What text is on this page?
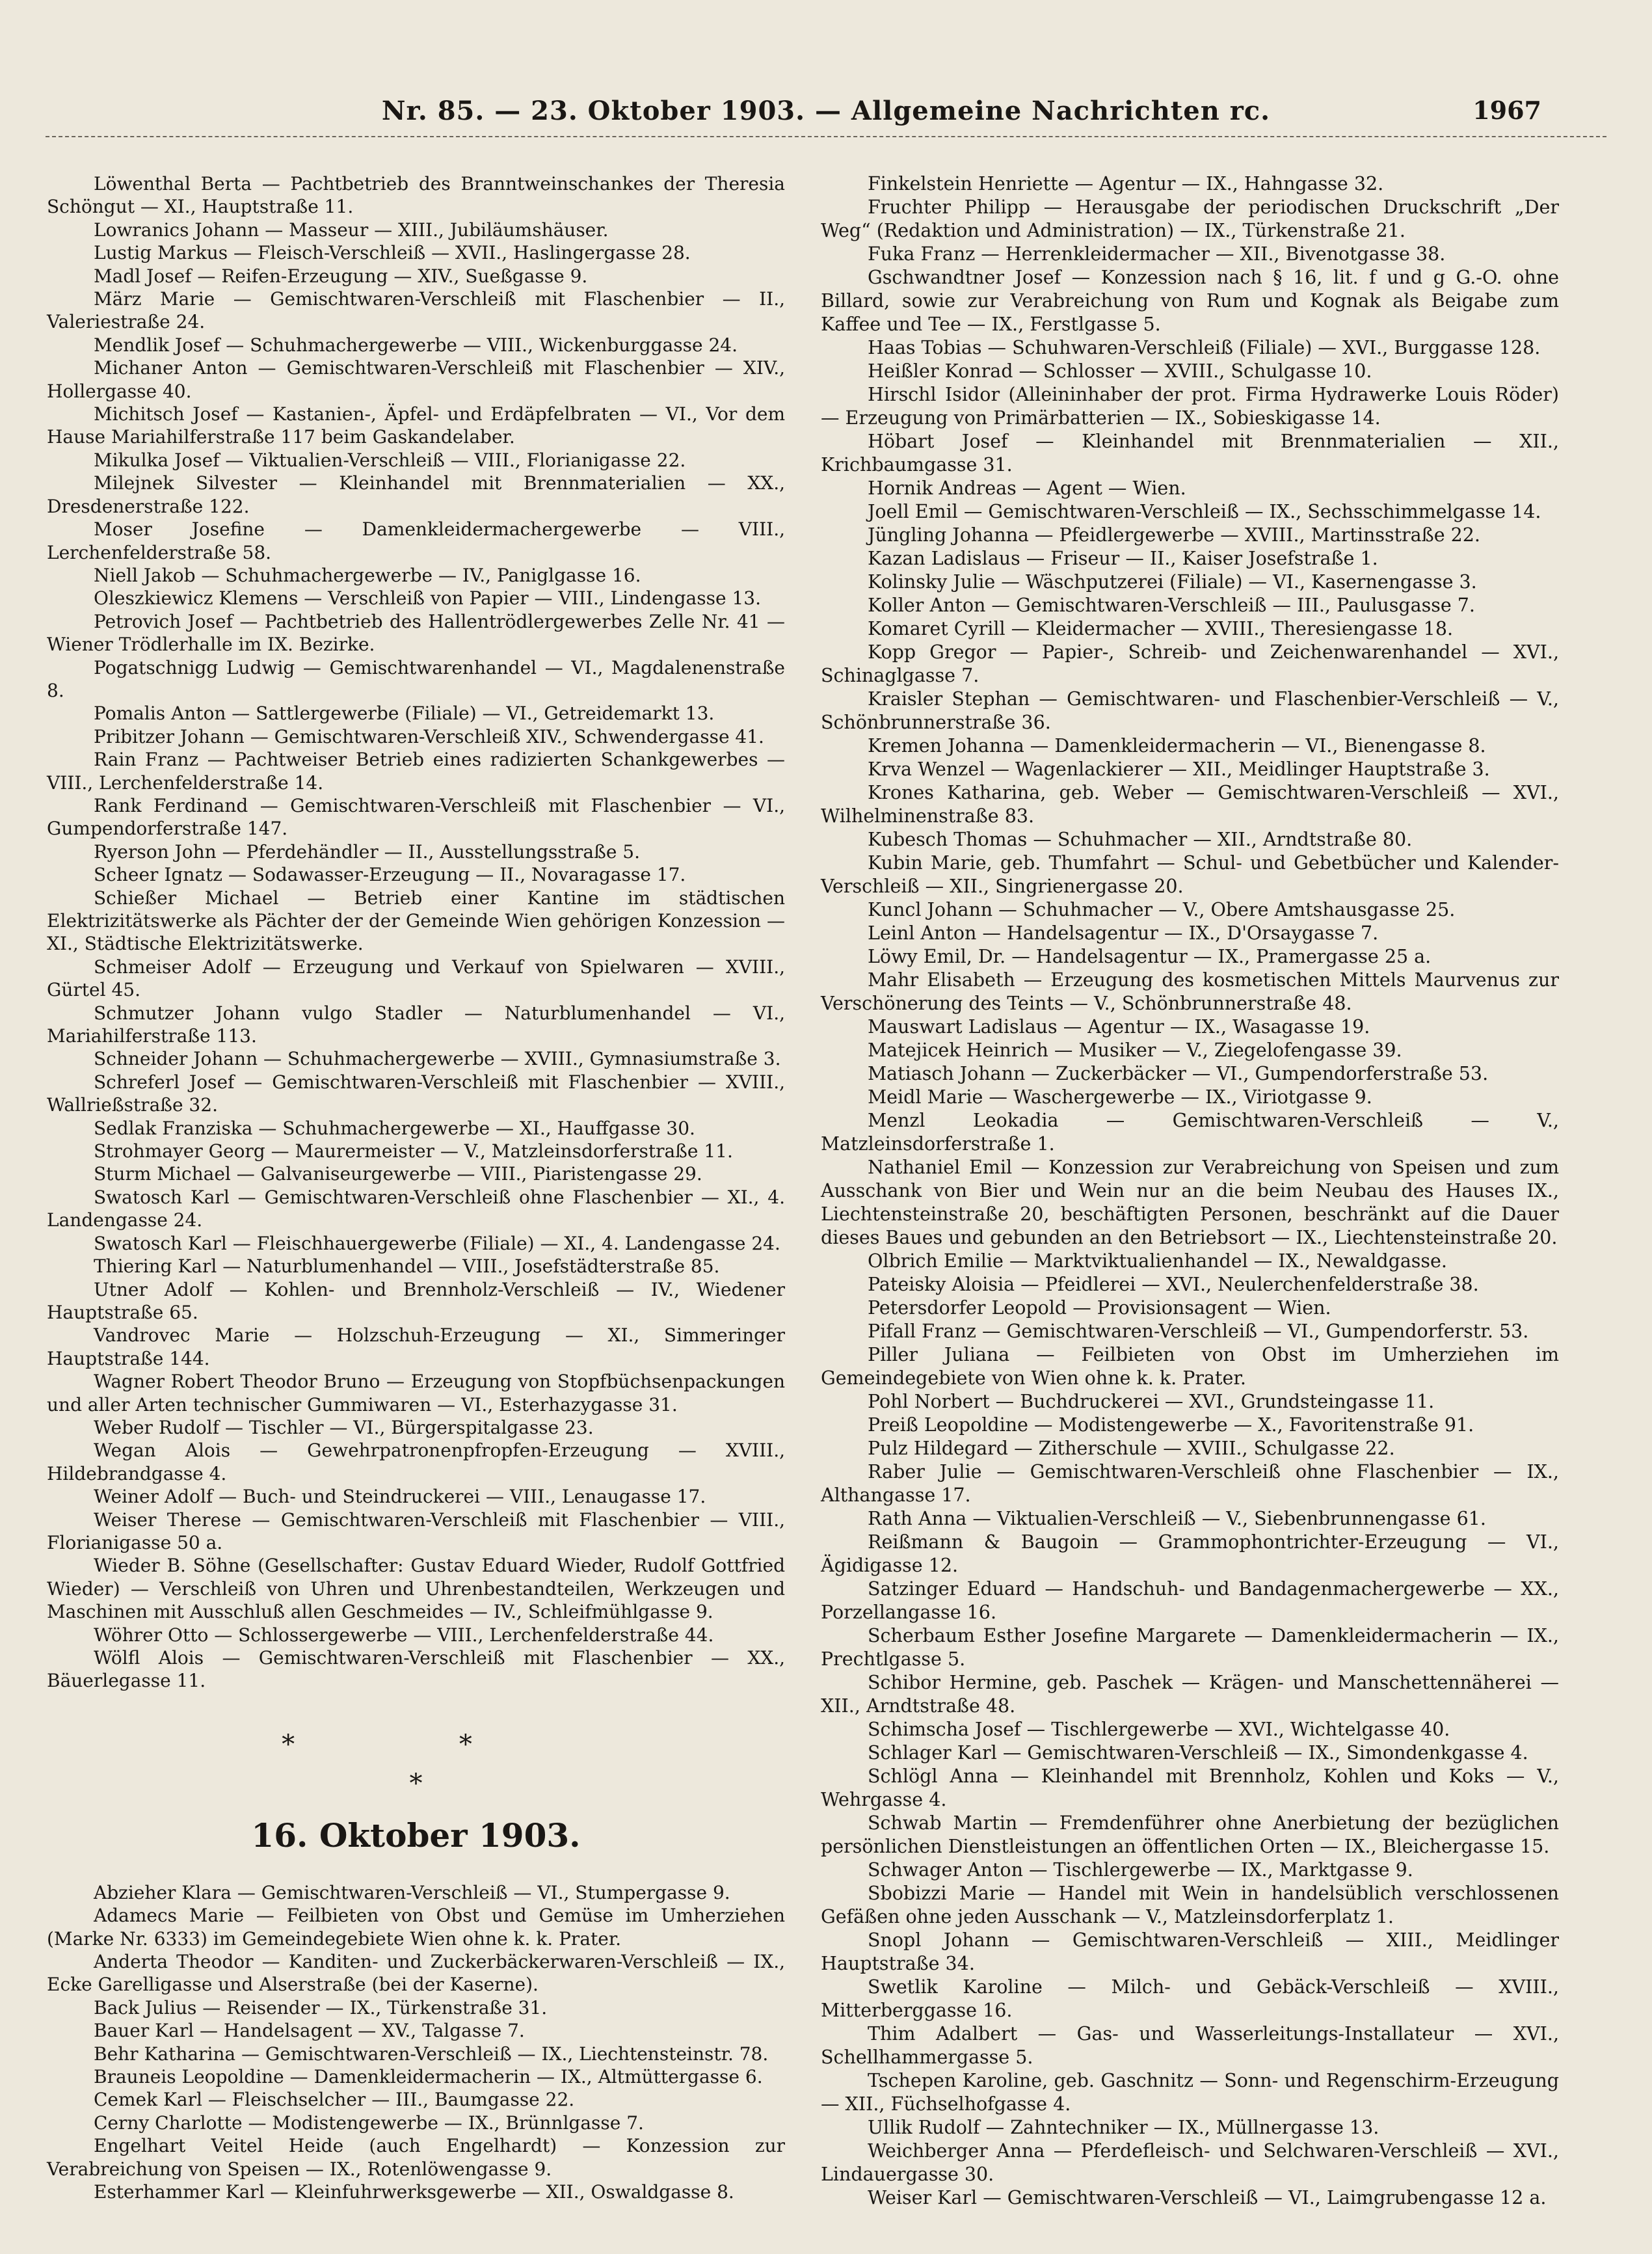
Nr. 85. — 23. Oktober 1903. — Allgemeine Nachrichten rc.	1967

Löwenthal Berta — Pachtbetrieb des Branntweinschankes der Theresia Schöngut — XI., Hauptstraße 11.

Lowranics Johann — Masseur — XIII., Jubiläumshäuser.

Lustig Markus — Fleisch-Verschleiß — XVII., Haslingergasse 28.

Madl Josef — Reifen-Erzeugung — XIV., Sueßgasse 9.

März Marie — Gemischtwaren-Verschleiß mit Flaschenbier — II., Valeriestraße 24.

Mendlik Josef — Schuhmachergewerbe — VIII., Wickenburggasse 24.

Michaner Anton — Gemischtwaren-Verschleiß mit Flaschenbier — XIV., Hollergasse 40.

Michitsch Josef — Kastanien-, Äpfel- und Erdäpfelbraten — VI., Vor dem Hause Mariahilferstraße 117 beim Gaskandelaber.

Mikulka Josef — Viktualien-Verschleiß — VIII., Florianigasse 22.

Milejnek Silvester — Kleinhandel mit Brennmaterialien — XX., Dresdenerstraße 122.

Moser Josefine — Damenkleidermachergewerbe — VIII., Lerchenfelderstraße 58.

Niell Jakob — Schuhmachergewerbe — IV., Paniglgasse 16.

Oleszkiewicz Klemens — Verschleiß von Papier — VIII., Lindengasse 13.

Petrovich Josef — Pachtbetrieb des Hallentrödlergewerbes Zelle Nr. 41 — Wiener Trödlerhalle im IX. Bezirke.

Pogatschnigg Ludwig — Gemischtwarenhandel — VI., Magdalenenstraße 8.

Pomalis Anton — Sattlergewerbe (Filiale) — VI., Getreidemarkt 13.

Pribitzer Johann — Gemischtwaren-Verschleiß XIV., Schwendergasse 41.

Rain Franz — Pachtweiser Betrieb eines radizierten Schankgewerbes — VIII., Lerchenfelderstraße 14.

Rank Ferdinand — Gemischtwaren-Verschleiß mit Flaschenbier — VI., Gumpendorferstraße 147.

Ryerson John — Pferdehändler — II., Ausstellungsstraße 5.

Scheer Ignatz — Sodawasser-Erzeugung — II., Novaragasse 17.

Schießer Michael — Betrieb einer Kantine im städtischen Elektrizitätswerke als Pächter der der Gemeinde Wien gehörigen Konzession — XI., Städtische Elektrizitätswerke.

Schmeiser Adolf — Erzeugung und Verkauf von Spielwaren — XVIII., Gürtel 45.

Schmutzer Johann vulgo Stadler — Naturblumenhandel — VI., Mariahilferstraße 113.

Schneider Johann — Schuhmachergewerbe — XVIII., Gymnasiumstraße 3.

Schreferl Josef — Gemischtwaren-Verschleiß mit Flaschenbier — XVIII., Wallrießstraße 32.

Sedlak Franziska — Schuhmachergewerbe — XI., Hauffgasse 30.

Strohmayer Georg — Maurermeister — V., Matzleinsdorferstraße 11.

Sturm Michael — Galvaniseurgewerbe — VIII., Piaristengasse 29.

Swatosch Karl — Gemischtwaren-Verschleiß ohne Flaschenbier — XI., 4. Landengasse 24.

Swatosch Karl — Fleischhauergewerbe (Filiale) — XI., 4. Landengasse 24.

Thiering Karl — Naturblumenhandel — VIII., Josefstädterstraße 85.

Utner Adolf — Kohlen- und Brennholz-Verschleiß — IV., Wiedener Hauptstraße 65.

Vandrovec Marie — Holzschuh-Erzeugung — XI., Simmeringer Hauptstraße 144.

Wagner Robert Theodor Bruno — Erzeugung von Stopfbüchsenpackungen und aller Arten technischer Gummiwaren — VI., Esterhazygasse 31.

Weber Rudolf — Tischler — VI., Bürgerspitalgasse 23.

Wegan Alois — Gewehrpatronenpfropfen-Erzeugung — XVIII., Hildebrandgasse 4.

Weiner Adolf — Buch- und Steindruckerei — VIII., Lenaugasse 17.

Weiser Therese — Gemischtwaren-Verschleiß mit Flaschenbier — VIII., Florianigasse 50 a.

Wieder B. Söhne (Gesellschafter: Gustav Eduard Wieder, Rudolf Gottfried Wieder) — Verschleiß von Uhren und Uhrenbestandteilen, Werkzeugen und Maschinen mit Ausschluß allen Geschmeides — IV., Schleifmühlgasse 9.

Wöhrer Otto — Schlossergewerbe — VIII., Lerchenfelderstraße 44.

Wölfl Alois — Gemischtwaren-Verschleiß mit Flaschenbier — XX., Bäuerlegasse 11.

* *
*
16. Oktober 1903.

Abzieher Klara — Gemischtwaren-Verschleiß — VI., Stumpergasse 9.

Adamecs Marie — Feilbieten von Obst und Gemüse im Umherziehen (Marke Nr. 6333) im Gemeindegebiete Wien ohne k. k. Prater.

Anderta Theodor — Kanditen- und Zuckerbäckerwaren-Verschleiß — IX., Ecke Garelligasse und Alserstraße (bei der Kaserne).

Back Julius — Reisender — IX., Türkenstraße 31.

Bauer Karl — Handelsagent — XV., Talgasse 7.

Behr Katharina — Gemischtwaren-Verschleiß — IX., Liechtensteinstr. 78.

Brauneis Leopoldine — Damenkleidermacherin — IX., Altmüttergasse 6.

Cemek Karl — Fleischselcher — III., Baumgasse 22.

Cerny Charlotte — Modistengewerbe — IX., Brünnlgasse 7.

Engelhart Veitel Heide (auch Engelhardt) — Konzession zur Verabreichung von Speisen — IX., Rotenlöwengasse 9.

Esterhammer Karl — Kleinfuhrwerksgewerbe — XII., Oswaldgasse 8.

Finkelstein Henriette — Agentur — IX., Hahngasse 32.

Fruchter Philipp — Herausgabe der periodischen Druckschrift „Der Weg“ (Redaktion und Administration) — IX., Türkenstraße 21.

Fuka Franz — Herrenkleidermacher — XII., Bivenotgasse 38.

Gschwandtner Josef — Konzession nach § 16, lit. f und g G.-O. ohne Billard, sowie zur Verabreichung von Rum und Kognak als Beigabe zum Kaffee und Tee — IX., Ferstlgasse 5.

Haas Tobias — Schuhwaren-Verschleiß (Filiale) — XVI., Burggasse 128.

Heißler Konrad — Schlosser — XVIII., Schulgasse 10.

Hirschl Isidor (Alleininhaber der prot. Firma Hydrawerke Louis Röder) — Erzeugung von Primärbatterien — IX., Sobieskigasse 14.

Höbart Josef — Kleinhandel mit Brennmaterialien — XII., Krichbaumgasse 31.

Hornik Andreas — Agent — Wien.

Joell Emil — Gemischtwaren-Verschleiß — IX., Sechsschimmelgasse 14.

Jüngling Johanna — Pfeidlergewerbe — XVIII., Martinsstraße 22.

Kazan Ladislaus — Friseur — II., Kaiser Josefstraße 1.

Kolinsky Julie — Wäschputzerei (Filiale) — VI., Kasernengasse 3.

Koller Anton — Gemischtwaren-Verschleiß — III., Paulusgasse 7.

Komaret Cyrill — Kleidermacher — XVIII., Theresiengasse 18.

Kopp Gregor — Papier-, Schreib- und Zeichenwarenhandel — XVI., Schinaglgasse 7.

Kraisler Stephan — Gemischtwaren- und Flaschenbier-Verschleiß — V., Schönbrunnerstraße 36.

Kremen Johanna — Damenkleidermacherin — VI., Bienengasse 8.

Krva Wenzel — Wagenlackierer — XII., Meidlinger Hauptstraße 3.

Krones Katharina, geb. Weber — Gemischtwaren-Verschleiß — XVI., Wilhelminenstraße 83.

Kubesch Thomas — Schuhmacher — XII., Arndtstraße 80.

Kubin Marie, geb. Thumfahrt — Schul- und Gebetbücher und Kalender-Verschleiß — XII., Singrienergasse 20.

Kuncl Johann — Schuhmacher — V., Obere Amtshausgasse 25.

Leinl Anton — Handelsagentur — IX., D'Orsaygasse 7.

Löwy Emil, Dr. — Handelsagentur — IX., Pramergasse 25 a.

Mahr Elisabeth — Erzeugung des kosmetischen Mittels Maurvenus zur Verschönerung des Teints — V., Schönbrunnerstraße 48.

Mauswart Ladislaus — Agentur — IX., Wasagasse 19.

Matejicek Heinrich — Musiker — V., Ziegelofengasse 39.

Matiasch Johann — Zuckerbäcker — VI., Gumpendorferstraße 53.

Meidl Marie — Waschergewerbe — IX., Viriotgasse 9.

Menzl Leokadia — Gemischtwaren-Verschleiß — V., Matzleinsdorferstraße 1.

Nathaniel Emil — Konzession zur Verabreichung von Speisen und zum Ausschank von Bier und Wein nur an die beim Neubau des Hauses IX., Liechtensteinstraße 20, beschäftigten Personen, beschränkt auf die Dauer dieses Baues und gebunden an den Betriebsort — IX., Liechtensteinstraße 20.

Olbrich Emilie — Marktviktualienhandel — IX., Newaldgasse.

Pateisky Aloisia — Pfeidlerei — XVI., Neulerchenfelderstraße 38.

Petersdorfer Leopold — Provisionsagent — Wien.

Pifall Franz — Gemischtwaren-Verschleiß — VI., Gumpendorferstr. 53.

Piller Juliana — Feilbieten von Obst im Umherziehen im Gemeindegebiete von Wien ohne k. k. Prater.

Pohl Norbert — Buchdruckerei — XVI., Grundsteingasse 11.

Preiß Leopoldine — Modistengewerbe — X., Favoritenstraße 91.

Pulz Hildegard — Zitherschule — XVIII., Schulgasse 22.

Raber Julie — Gemischtwaren-Verschleiß ohne Flaschenbier — IX., Althangasse 17.

Rath Anna — Viktualien-Verschleiß — V., Siebenbrunnengasse 61.

Reißmann & Baugoin — Grammophontrichter-Erzeugung — VI., Ägidigasse 12.

Satzinger Eduard — Handschuh- und Bandagenmachergewerbe — XX., Porzellangasse 16.

Scherbaum Esther Josefine Margarete — Damenkleidermacherin — IX., Prechtlgasse 5.

Schibor Hermine, geb. Paschek — Krägen- und Manschettennäherei — XII., Arndtstraße 48.

Schimscha Josef — Tischlergewerbe — XVI., Wichtelgasse 40.

Schlager Karl — Gemischtwaren-Verschleiß — IX., Simondenkgasse 4.

Schlögl Anna — Kleinhandel mit Brennholz, Kohlen und Koks — V., Wehrgasse 4.

Schwab Martin — Fremdenführer ohne Anerbietung der bezüglichen persönlichen Dienstleistungen an öffentlichen Orten — IX., Bleichergasse 15.

Schwager Anton — Tischlergewerbe — IX., Marktgasse 9.

Sbobizzi Marie — Handel mit Wein in handelsüblich verschlossenen Gefäßen ohne jeden Ausschank — V., Matzleinsdorferplatz 1.

Snopl Johann — Gemischtwaren-Verschleiß — XIII., Meidlinger Hauptstraße 34.

Swetlik Karoline — Milch- und Gebäck-Verschleiß — XVIII., Mitterberggasse 16.

Thim Adalbert — Gas- und Wasserleitungs-Installateur — XVI., Schellhammergasse 5.

Tschepen Karoline, geb. Gaschnitz — Sonn- und Regenschirm-Erzeugung — XII., Füchselhofgasse 4.

Ullik Rudolf — Zahntechniker — IX., Müllnergasse 13.

Weichberger Anna — Pferdefleisch- und Selchwaren-Verschleiß — XVI., Lindauergasse 30.

Weiser Karl — Gemischtwaren-Verschleiß — VI., Laimgrubengasse 12 a.
